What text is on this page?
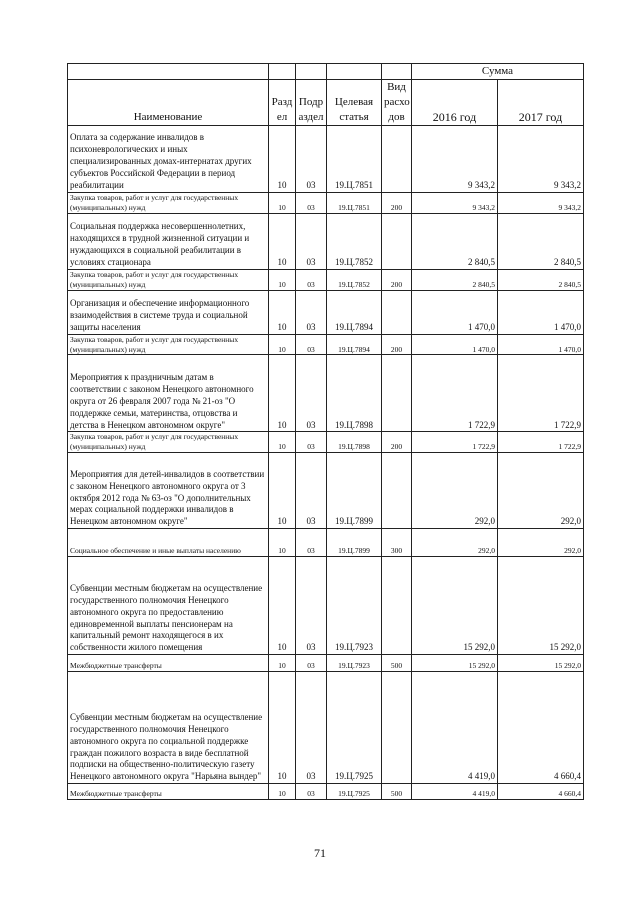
					Сумма	
Наименование	Разд ел	Подр аздел	Целевая статья	Вид расхо дов	2016 год	2017 год
Оплата за содержание инвалидов в психоневрологических и иных специализированных домах-интернатах других субъектов Российской Федерации в период реабилитации	10	03	19.Ц.7851		9 343,2	9 343,2
Закупка товаров, работ и услуг для государственных (муниципальных) нужд	10	03	19.Ц.7851	200	9 343,2	9 343,2
Социальная поддержка несовершеннолетних, находящихся в трудной жизненной ситуации и нуждающихся в социальной реабилитации в условиях стационара	10	03	19.Ц.7852		2 840,5	2 840,5
Закупка товаров, работ и услуг для государственных (муниципальных) нужд	10	03	19.Ц.7852	200	2 840,5	2 840,5
Организация и обеспечение информационного взаимодействия в системе труда и социальной защиты населения	10	03	19.Ц.7894		1 470,0	1 470,0
Закупка товаров, работ и услуг для государственных (муниципальных) нужд	10	03	19.Ц.7894	200	1 470,0	1 470,0
Мероприятия к праздничным датам в соответствии с законом Ненецкого автономного округа от 26 февраля 2007 года № 21-оз "О поддержке семьи, материнства, отцовства и детства в Ненецком автономном округе"	10	03	19.Ц.7898		1 722,9	1 722,9
Закупка товаров, работ и услуг для государственных (муниципальных) нужд	10	03	19.Ц.7898	200	1 722,9	1 722,9
Мероприятия для детей-инвалидов в соответствии с законом Ненецкого автономного округа от 3 октября 2012 года № 63-оз "О дополнительных мерах социальной поддержки инвалидов в Ненецком автономном округе"	10	03	19.Ц.7899		292,0	292,0
Социальное обеспечение и иные выплаты населению	10	03	19.Ц.7899	300	292,0	292,0
Субвенции местным бюджетам на осуществление государственного полномочия Ненецкого автономного округа по предоставлению единовременной выплаты пенсионерам на капитальный ремонт находящегося в их собственности жилого помещения	10	03	19.Ц.7923		15 292,0	15 292,0
Межбюджетные трансферты	10	03	19.Ц.7923	500	15 292,0	15 292,0
Субвенции местным бюджетам на осуществление государственного полномочия Ненецкого автономного округа по социальной поддержке граждан пожилого возраста в виде бесплатной подписки на общественно-политическую газету Ненецкого автономного округа "Нарьяна вындер"	10	03	19.Ц.7925		4 419,0	4 660,4
Межбюджетные трансферты	10	03	19.Ц.7925	500	4 419,0	4 660,4
71
